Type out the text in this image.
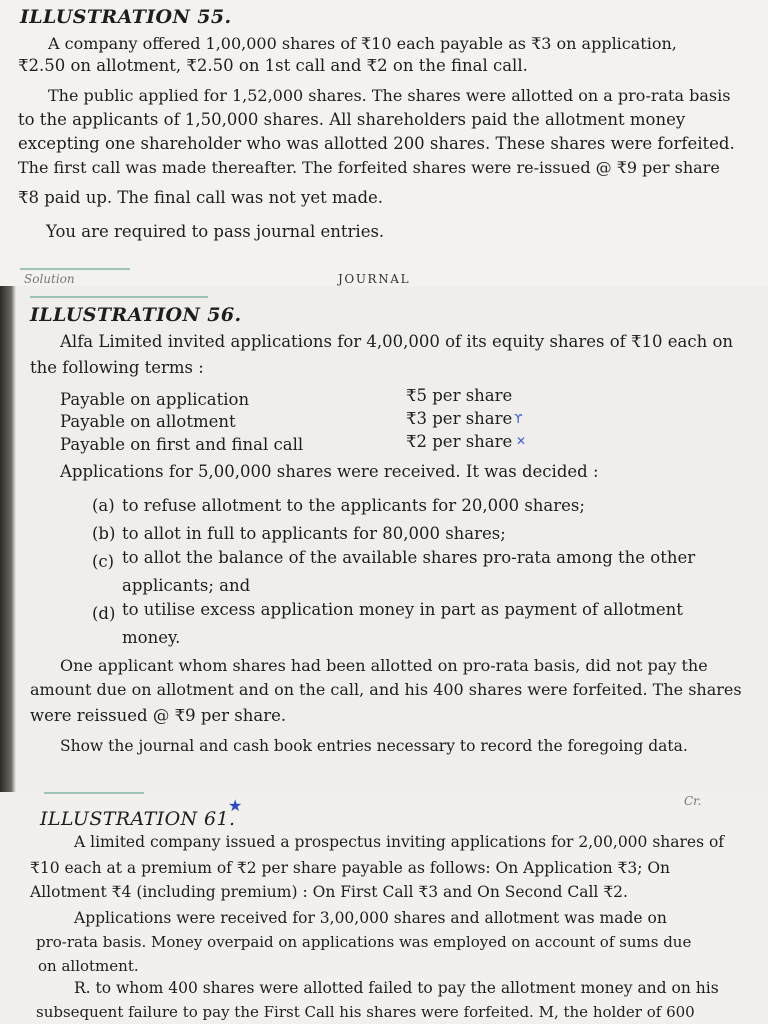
ILLUSTRATION 55.
A company offered 1,00,000 shares of ₹10 each payable as ₹3 on application,
₹2.50 on allotment, ₹2.50 on 1st call and ₹2 on the final call.
The public applied for 1,52,000 shares. The shares were allotted on a pro-rata basis
to the applicants of 1,50,000 shares. All shareholders paid the allotment money
excepting one shareholder who was allotted 200 shares. These shares were forfeited.
The first call was made thereafter. The forfeited shares were re-issued @ ₹9 per share
₹8 paid up. The final call was not yet made.
You are required to pass journal entries.
Solution	JOURNAL
ILLUSTRATION 56.
Alfa Limited invited applications for 4,00,000 of its equity shares of ₹10 each on
the following terms :
Payable on application	₹5 per share
Payable on allotment	₹3 per share ϒ
Payable on first and final call	₹2 per share ✕
Applications for 5,00,000 shares were received. It was decided :
(a) to refuse allotment to the applicants for 20,000 shares;
(b) to allot in full to applicants for 80,000 shares;
(c) to allot the balance of the available shares pro-rata among the other
applicants; and
(d) to utilise excess application money in part as payment of allotment
money.
One applicant whom shares had been allotted on pro-rata basis, did not pay the
amount due on allotment and on the call, and his 400 shares were forfeited. The shares
were reissued @ ₹9 per share.
Show the journal and cash book entries necessary to record the foregoing data.
Cr.
ILLUSTRATION 61.
★
A limited company issued a prospectus inviting applications for 2,00,000 shares of
₹10 each at a premium of ₹2 per share payable as follows: On Application ₹3; On
Allotment ₹4 (including premium) : On First Call ₹3 and On Second Call ₹2.
Applications were received for 3,00,000 shares and allotment was made on
pro-rata basis. Money overpaid on applications was employed on account of sums due
on allotment.
R. to whom 400 shares were allotted failed to pay the allotment money and on his
subsequent failure to pay the First Call his shares were forfeited. M, the holder of 600
